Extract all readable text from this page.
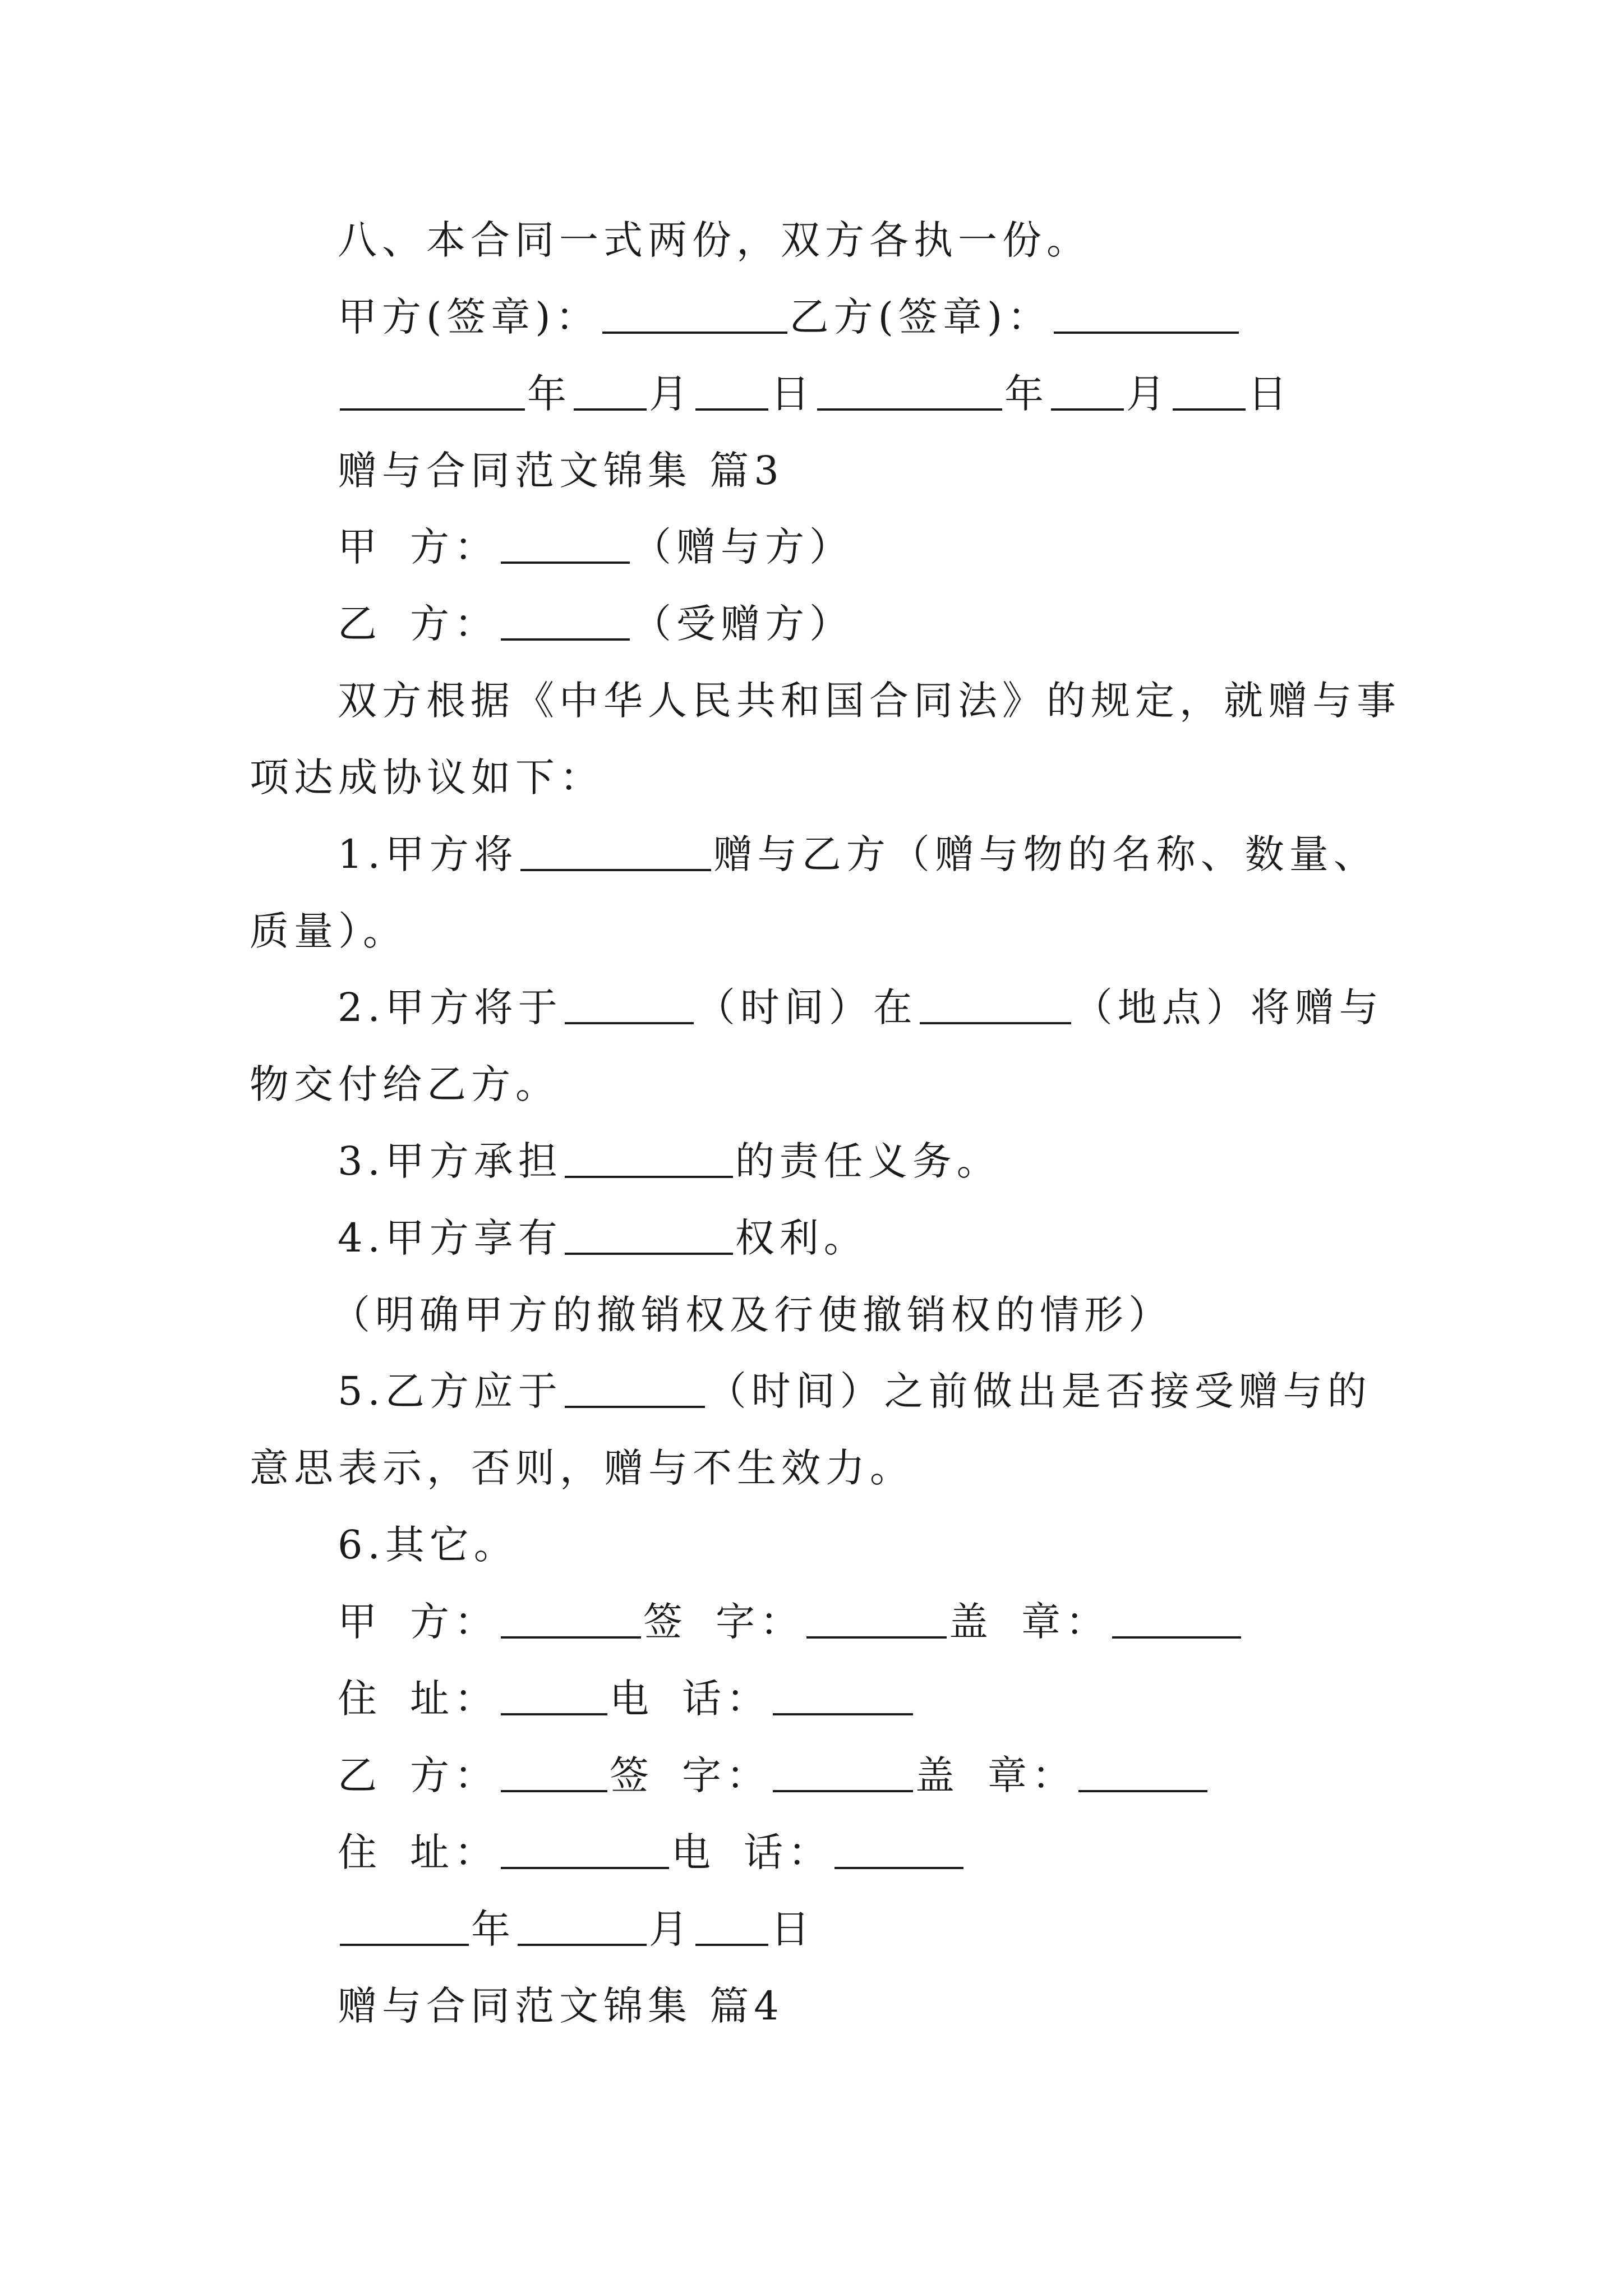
八、本合同一式两份，双方各执一份。
甲方(签章)：	乙方(签章)：
年 月 日	年 月 日
赠与合同范文锦集 篇3
甲 方：	（赠与方）
乙 方：	（受赠方）
双方根据《中华人民共和国合同法》的规定，就赠与事
项达成协议如下：
1.甲方将	赠与乙方（赠与物的名称、数量、
质量）。
2.甲方将于	（时间）在	（地点）将赠与
物交付给乙方。
3.甲方承担	的责任义务。
4.甲方享有	权利。
（明确甲方的撤销权及行使撤销权的情形）
5.乙方应于	（时间）之前做出是否接受赠与的
意思表示，否则，赠与不生效力。
6.其它。
甲 方：	签 字：	盖 章：
住 址：	电 话：
乙 方：	签 字：	盖 章：
住 址：	电 话：
年	月 日
赠与合同范文锦集 篇4
